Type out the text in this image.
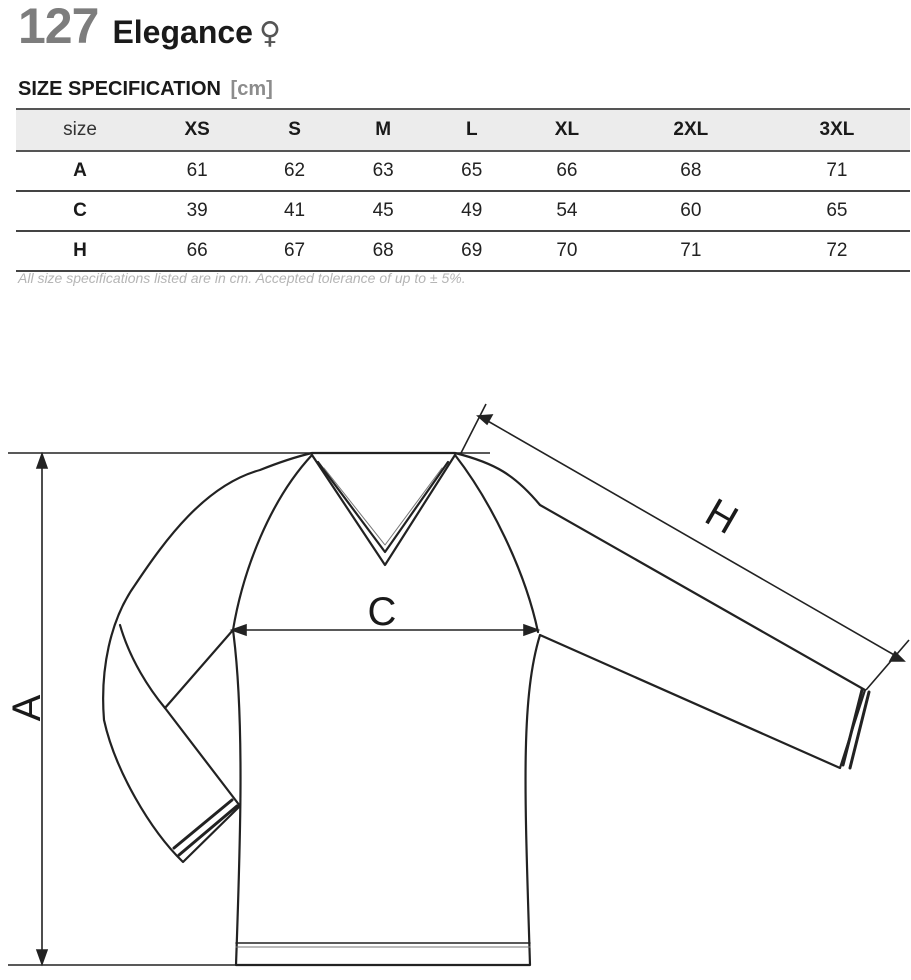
127 Elegance ♀
SIZE SPECIFICATION [cm]
size	XS	S	M	L	XL	2XL	3XL
A	61	62	63	65	66	68	71
C	39	41	45	49	54	60	65
H	66	67	68	69	70	71	72
All size specifications listed are in cm. Accepted tolerance of up to ± 5%.
A
C
H
